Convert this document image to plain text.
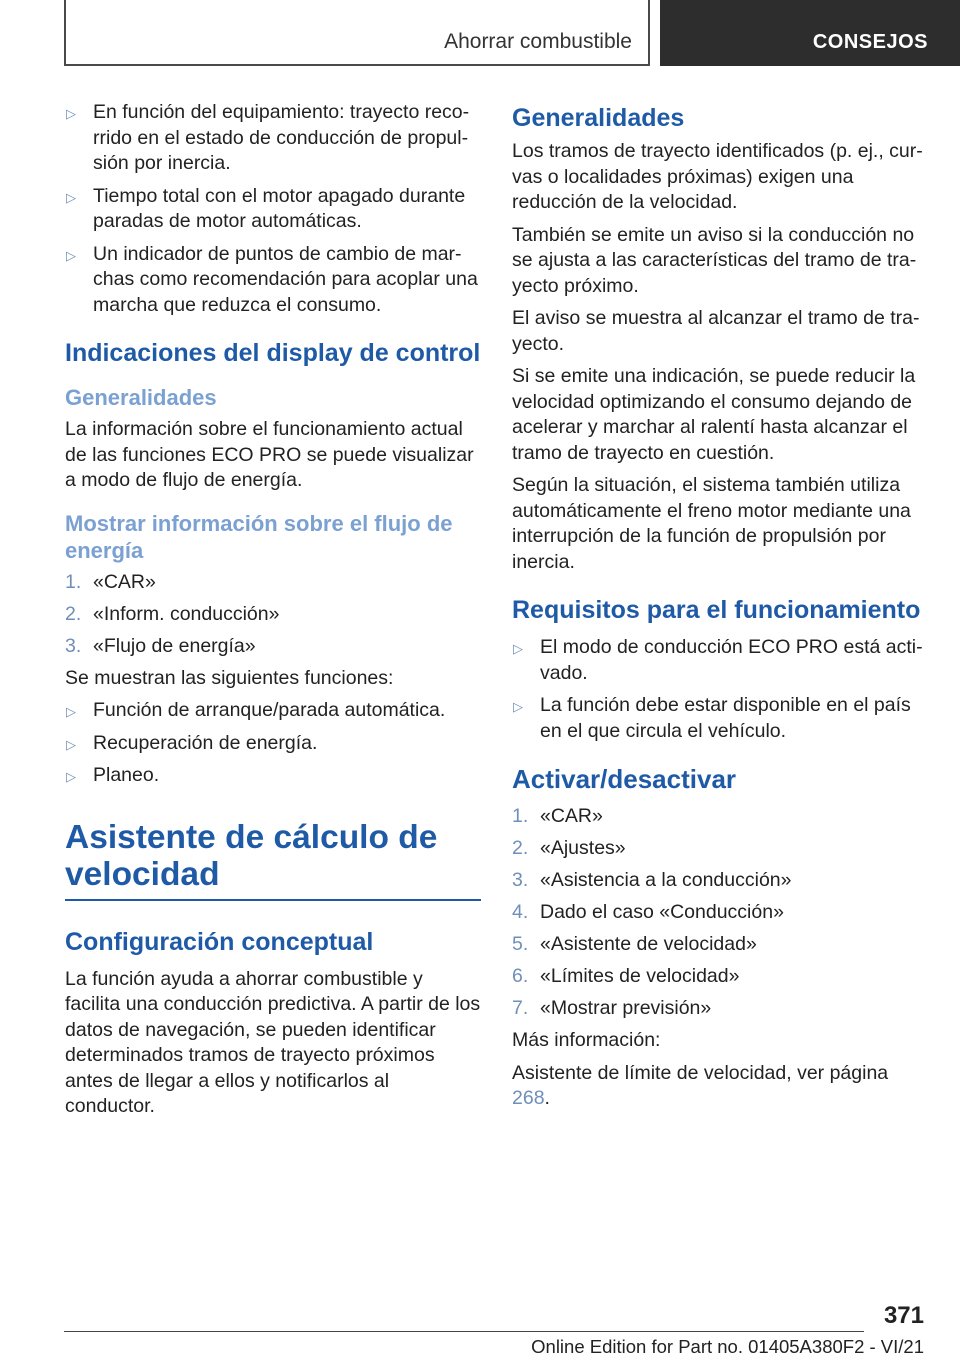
Ahorrar combustible	CONSEJOS
▷ En función del equipamiento: trayecto recorrido en el estado de conducción de propulsión por inercia.
▷ Tiempo total con el motor apagado durante paradas de motor automáticas.
▷ Un indicador de puntos de cambio de marchas como recomendación para acoplar una marcha que reduzca el consumo.
Indicaciones del display de control
Generalidades

La información sobre el funcionamiento actual de las funciones ECO PRO se puede visualizar a modo de flujo de energía.

Mostrar información sobre el flujo de energía
1. «CAR»
2. «Inform. conducción»
3. «Flujo de energía»

Se muestran las siguientes funciones:

▷ Función de arranque/parada automática.
▷ Recuperación de energía.
▷ Planeo.
Asistente de cálculo de velocidad
Configuración conceptual

La función ayuda a ahorrar combustible y facilita una conducción predictiva. A partir de los datos de navegación, se pueden identificar determinados tramos de trayecto próximos antes de llegar a ellos y notificarlos al conductor.

Generalidades

Los tramos de trayecto identificados (p. ej., curvas o localidades próximas) exigen una reducción de la velocidad.

También se emite un aviso si la conducción no se ajusta a las características del tramo de trayecto próximo.

El aviso se muestra al alcanzar el tramo de trayecto.

Si se emite una indicación, se puede reducir la velocidad optimizando el consumo dejando de acelerar y marchar al ralentí hasta alcanzar el tramo de trayecto en cuestión.

Según la situación, el sistema también utiliza automáticamente el freno motor mediante una interrupción de la función de propulsión por inercia.

Requisitos para el funcionamiento
▷ El modo de conducción ECO PRO está activado.
▷ La función debe estar disponible en el país en el que circula el vehículo.
Activar/desactivar
1. «CAR»
2. «Ajustes»
3. «Asistencia a la conducción»
4. Dado el caso «Conducción»
5. «Asistente de velocidad»
6. «Límites de velocidad»
7. «Mostrar previsión»

Más información:

Asistente de límite de velocidad, ver página 268.

371
Online Edition for Part no. 01405A380F2 - VI/21
